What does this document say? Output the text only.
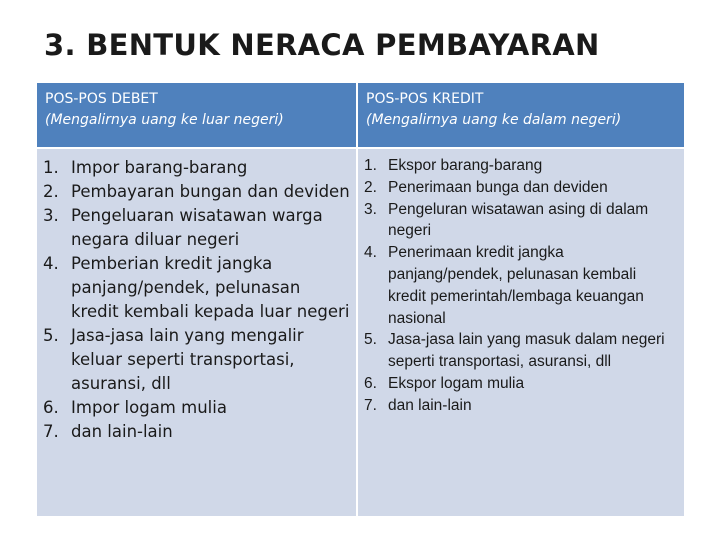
3. BENTUK NERACA PEMBAYARAN
POS-POS DEBET
(Mengalirnya uang ke luar negeri)
POS-POS KREDIT
(Mengalirnya uang ke dalam negeri)
1. Impor barang-barang
2. Pembayaran bungan dan deviden
3. Pengeluaran wisatawan warga negara diluar negeri
4. Pemberian kredit jangka panjang/pendek, pelunasan kredit kembali kepada luar negeri
5. Jasa-jasa lain yang mengalir keluar seperti transportasi, asuransi, dll
6. Impor logam mulia
7. dan lain-lain
1. Ekspor barang-barang
2. Penerimaan bunga dan deviden
3. Pengeluran wisatawan asing di dalam negeri
4. Penerimaan kredit jangka panjang/pendek, pelunasan kembali kredit pemerintah/lembaga keuangan nasional
5. Jasa-jasa lain yang masuk dalam negeri seperti transportasi, asuransi, dll
6. Ekspor logam mulia
7. dan lain-lain
